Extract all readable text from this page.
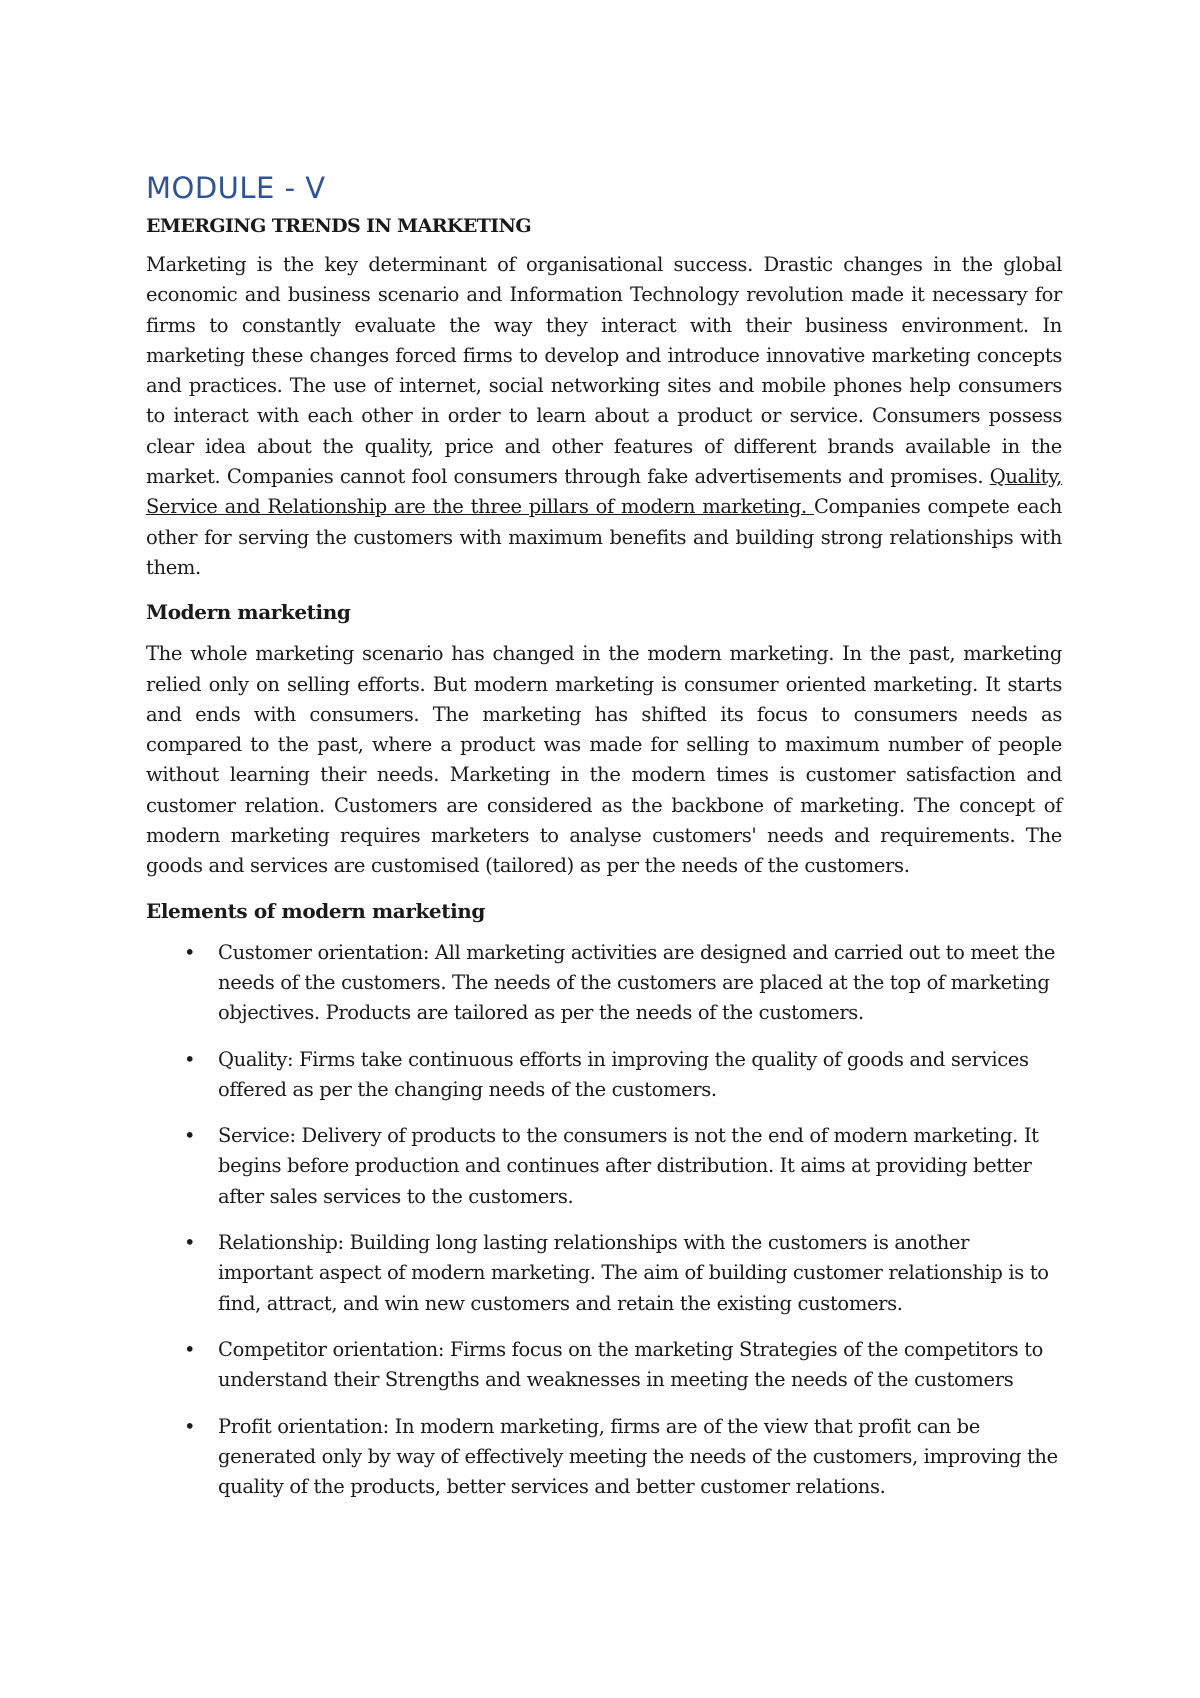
MODULE - V
EMERGING TRENDS IN MARKETING

Marketing is the key determinant of organisational success. Drastic changes in the global economic and business scenario and Information Technology revolution made it necessary for firms to constantly evaluate the way they interact with their business environment. In marketing these changes forced firms to develop and introduce innovative marketing concepts and practices. The use of internet, social networking sites and mobile phones help consumers to interact with each other in order to learn about a product or service. Consumers possess clear idea about the quality, price and other features of different brands available in the market. Companies cannot fool consumers through fake advertisements and promises. Quality, Service and Relationship are the three pillars of modern marketing. Companies compete each other for serving the customers with maximum benefits and building strong relationships with them.

Modern marketing

The whole marketing scenario has changed in the modern marketing. In the past, marketing relied only on selling efforts. But modern marketing is consumer oriented marketing. It starts and ends with consumers. The marketing has shifted its focus to consumers needs as compared to the past, where a product was made for selling to maximum number of people without learning their needs. Marketing in the modern times is customer satisfaction and customer relation. Customers are considered as the backbone of marketing. The concept of modern marketing requires marketers to analyse customers' needs and requirements. The goods and services are customised (tailored) as per the needs of the customers.

Elements of modern marketing
• Customer orientation: All marketing activities are designed and carried out to meet the needs of the customers. The needs of the customers are placed at the top of marketing objectives. Products are tailored as per the needs of the customers.
• Quality: Firms take continuous efforts in improving the quality of goods and services offered as per the changing needs of the customers.
• Service: Delivery of products to the consumers is not the end of modern marketing. It begins before production and continues after distribution. It aims at providing better after sales services to the customers.
• Relationship: Building long lasting relationships with the customers is another important aspect of modern marketing. The aim of building customer relationship is to find, attract, and win new customers and retain the existing customers.
• Competitor orientation: Firms focus on the marketing Strategies of the competitors to understand their Strengths and weaknesses in meeting the needs of the customers
• Profit orientation: In modern marketing, firms are of the view that profit can be generated only by way of effectively meeting the needs of the customers, improving the quality of the products, better services and better customer relations.
